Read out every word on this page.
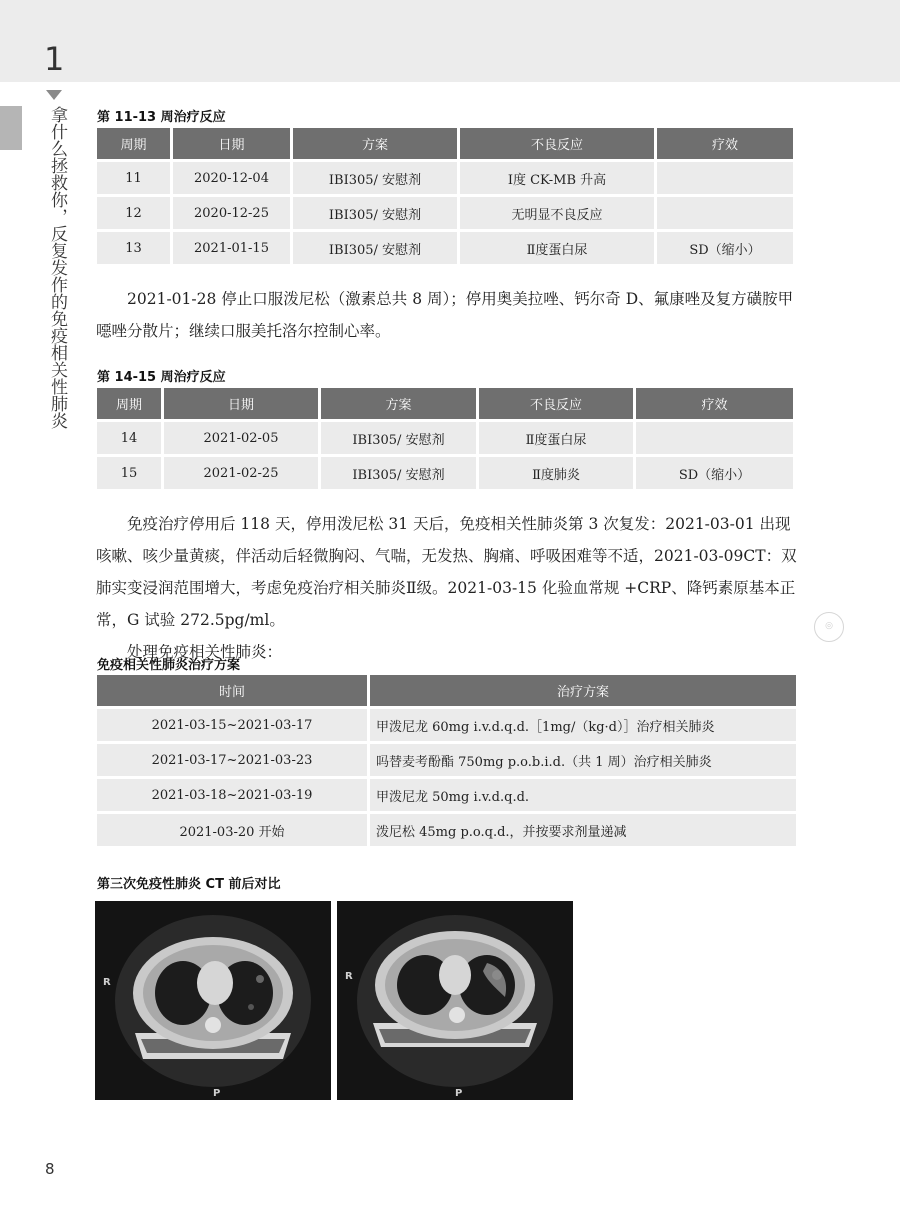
1
拿什么拯救你，反复发作的免疫相关性肺炎 第 11-13 周治疗反应
周期	日期	方案	不良反应	疗效
11	2020-12-04	IBI305/ 安慰剂	Ⅰ度 CK-MB 升高	
12	2020-12-25	IBI305/ 安慰剂	无明显不良反应	
13	2021-01-15	IBI305/ 安慰剂	Ⅱ度蛋白尿	SD（缩小）

2021-01-28 停止口服泼尼松（激素总共 8 周）；停用奥美拉唑、钙尔奇 D、氟康唑及复方磺胺甲噁唑分散片；继续口服美托洛尔控制心率。

第 14-15 周治疗反应
周期	日期	方案	不良反应	疗效
14	2021-02-05	IBI305/ 安慰剂	Ⅱ度蛋白尿	
15	2021-02-25	IBI305/ 安慰剂	Ⅱ度肺炎	SD（缩小）

免疫治疗停用后 118 天，停用泼尼松 31 天后，免疫相关性肺炎第 3 次复发：2021-03-01 出现咳嗽、咳少量黄痰，伴活动后轻微胸闷、气喘，无发热、胸痛、呼吸困难等不适，2021-03-09CT：双肺实变浸润范围增大，考虑免疫治疗相关肺炎Ⅱ级。2021-03-15 化验血常规 +CRP、降钙素原基本正常，G 试验 272.5pg/ml。

处理免疫相关性肺炎：

◎
免疫相关性肺炎治疗方案
时间	治疗方案
2021-03-15~2021-03-17	甲泼尼龙 60mg i.v.d.q.d.［1mg/（kg·d）］治疗相关肺炎
2021-03-17~2021-03-23	吗替麦考酚酯 750mg p.o.b.i.d.（共 1 周）治疗相关肺炎
2021-03-18~2021-03-19	甲泼尼龙 50mg i.v.d.q.d.
2021-03-20 开始	泼尼松 45mg p.o.q.d.，并按要求剂量递减
第三次免疫性肺炎 CT 前后对比
R
P
R
P
8
